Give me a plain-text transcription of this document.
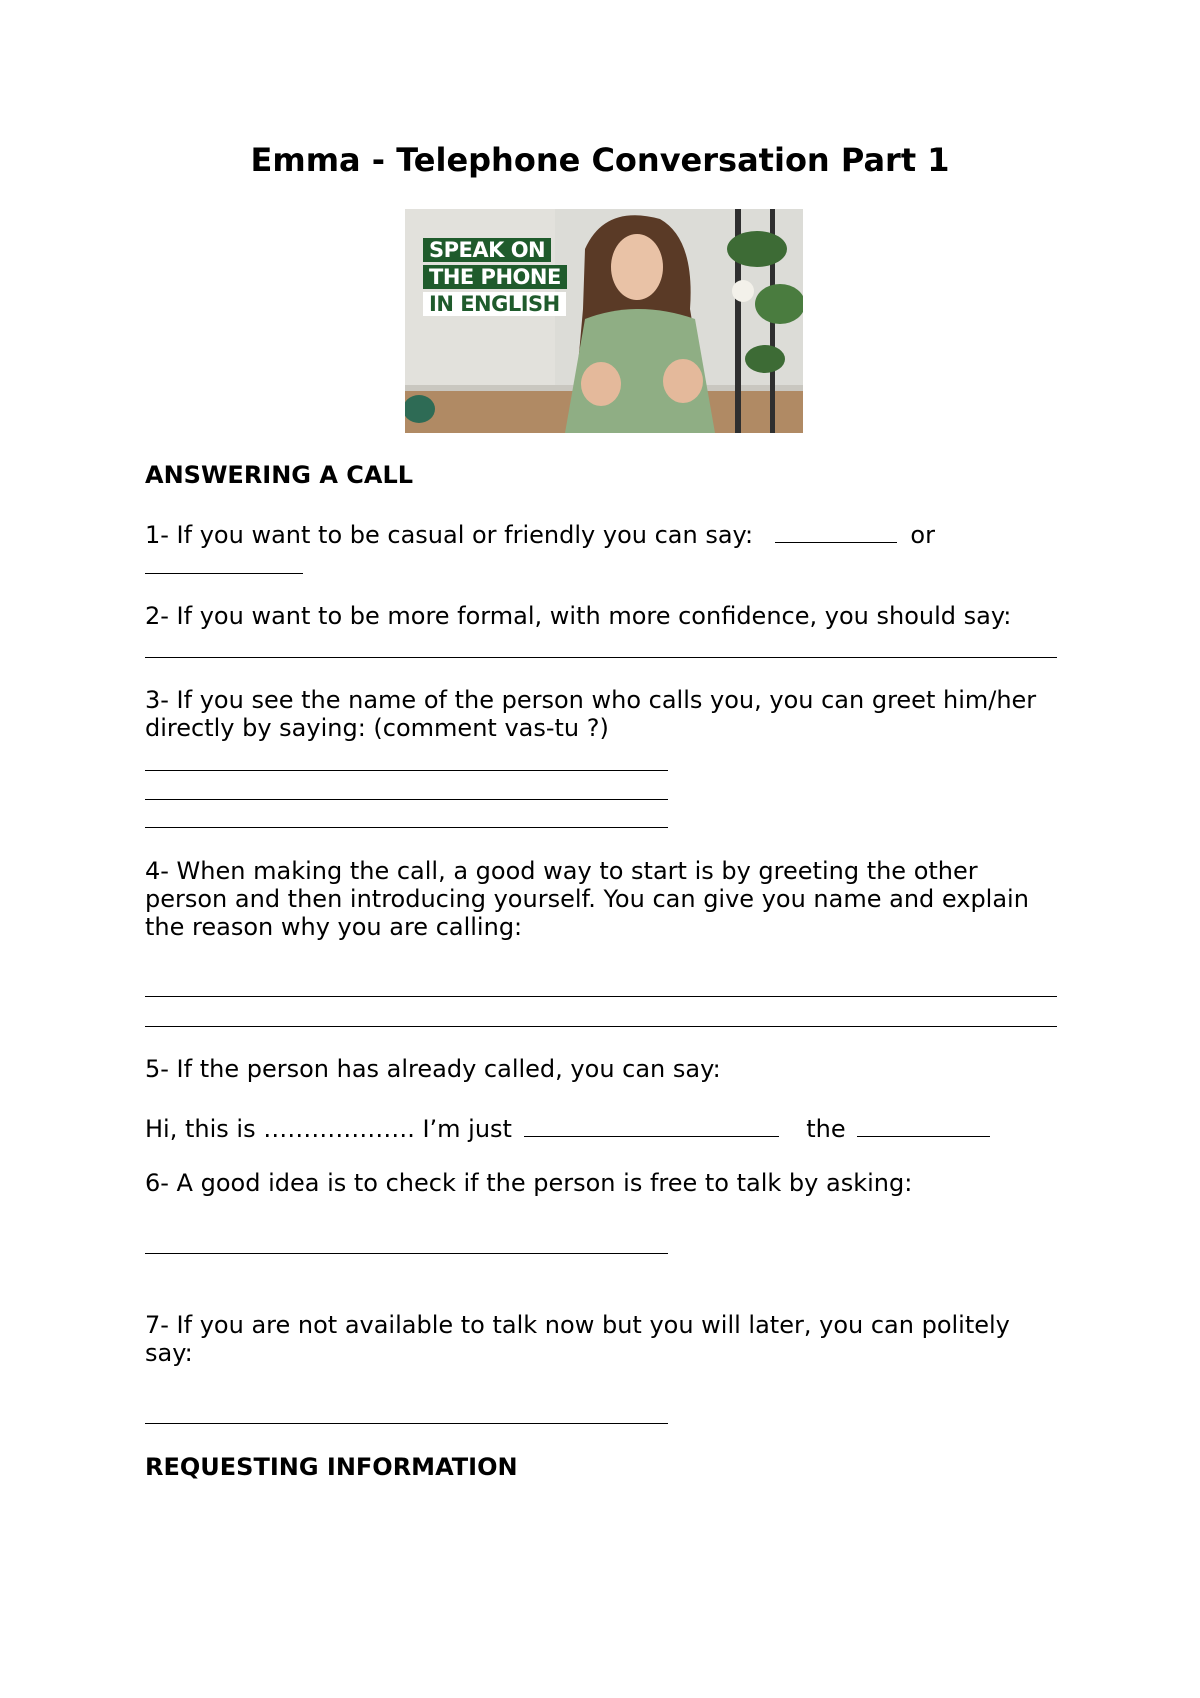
Emma - Telephone Conversation Part 1
SPEAK ON
THE PHONE
IN ENGLISH
ANSWERING A CALL
1- If you want to be casual or friendly you can say:	or
2- If you want to be more formal, with more confidence, you should say:
3- If you see the name of the person who calls you, you can greet him/her
directly by saying: (comment vas-tu ?)
4- When making the call, a good way to start is by greeting the other
person and then introducing yourself. You can give you name and explain
the reason why you are calling:
5- If the person has already called, you can say:
Hi, this is ………………. I’m just	the
6- A good idea is to check if the person is free to talk by asking:
7- If you are not available to talk now but you will later, you can politely
say:
REQUESTING INFORMATION
